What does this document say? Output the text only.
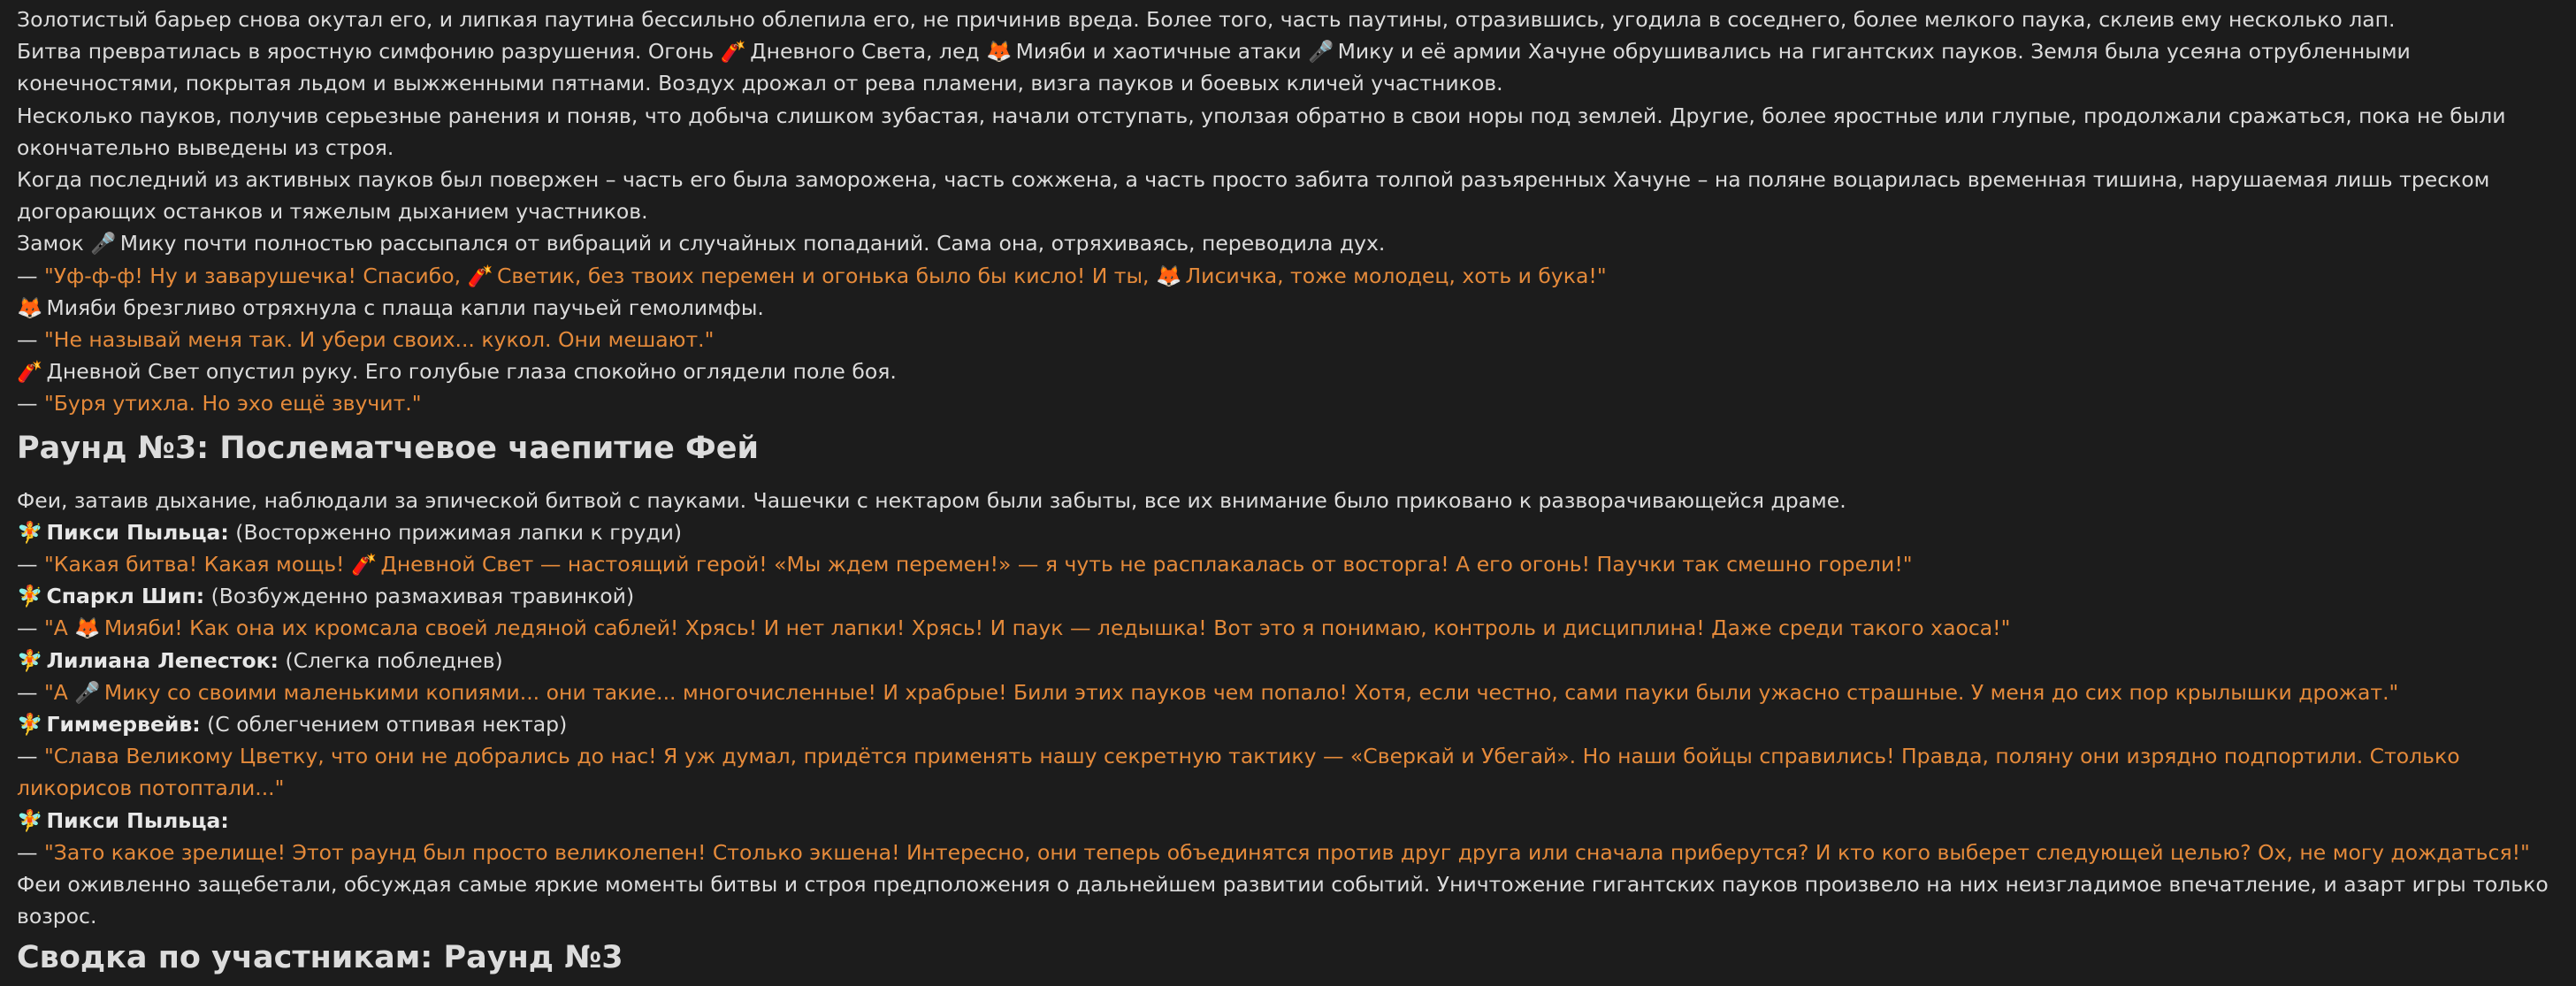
Золотистый барьер снова окутал его, и липкая паутина бессильно облепила его, не причинив вреда. Более того, часть паутины, отразившись, угодила в соседнего, более мелкого паука, склеив ему несколько лап.

Битва превратилась в яростную симфонию разрушения. Огонь 🧨 Дневного Света, лед 🦊 Мияби и хаотичные атаки 🎤 Мику и её армии Хачуне обрушивались на гигантских пауков. Земля была усеяна отрубленными конечностями, покрытая льдом и выжженными пятнами. Воздух дрожал от рева пламени, визга пауков и боевых кличей участников.

Несколько пауков, получив серьезные ранения и поняв, что добыча слишком зубастая, начали отступать, уползая обратно в свои норы под землей. Другие, более яростные или глупые, продолжали сражаться, пока не были окончательно выведены из строя.

Когда последний из активных пауков был повержен – часть его была заморожена, часть сожжена, а часть просто забита толпой разъяренных Хачуне – на поляне воцарилась временная тишина, нарушаемая лишь треском догорающих останков и тяжелым дыханием участников.

Замок 🎤 Мику почти полностью рассыпался от вибраций и случайных попаданий. Сама она, отряхиваясь, переводила дух.

— "Уф-ф-ф! Ну и заварушечка! Спасибо, 🧨 Светик, без твоих перемен и огонька было бы кисло! И ты, 🦊 Лисичка, тоже молодец, хоть и бука!"

🦊 Мияби брезгливо отряхнула с плаща капли паучьей гемолимфы.

— "Не называй меня так. И убери своих... кукол. Они мешают."

🧨 Дневной Свет опустил руку. Его голубые глаза спокойно оглядели поле боя.

— "Буря утихла. Но эхо ещё звучит."

Раунд №3: Послематчевое чаепитие Фей

Феи, затаив дыхание, наблюдали за эпической битвой с пауками. Чашечки с нектаром были забыты, все их внимание было приковано к разворачивающейся драме.

🧚 Пикси Пыльца: (Восторженно прижимая лапки к груди)

— "Какая битва! Какая мощь! 🧨 Дневной Свет — настоящий герой! «Мы ждем перемен!» — я чуть не расплакалась от восторга! А его огонь! Паучки так смешно горели!"

🧚 Спаркл Шип: (Возбужденно размахивая травинкой)

— "А 🦊 Мияби! Как она их кромсала своей ледяной саблей! Хрясь! И нет лапки! Хрясь! И паук — ледышка! Вот это я понимаю, контроль и дисциплина! Даже среди такого хаоса!"

🧚 Лилиана Лепесток: (Слегка побледнев)

— "А 🎤 Мику со своими маленькими копиями... они такие... многочисленные! И храбрые! Били этих пауков чем попало! Хотя, если честно, сами пауки были ужасно страшные. У меня до сих пор крылышки дрожат."

🧚 Гиммервейв: (С облегчением отпивая нектар)

— "Слава Великому Цветку, что они не добрались до нас! Я уж думал, придётся применять нашу секретную тактику — «Сверкай и Убегай». Но наши бойцы справились! Правда, поляну они изрядно подпортили. Столько ликорисов потоптали..."

🧚 Пикси Пыльца:

— "Зато какое зрелище! Этот раунд был просто великолепен! Столько экшена! Интересно, они теперь объединятся против друг друга или сначала приберутся? И кто кого выберет следующей целью? Ох, не могу дождаться!"

Феи оживленно защебетали, обсуждая самые яркие моменты битвы и строя предположения о дальнейшем развитии событий. Уничтожение гигантских пауков произвело на них неизгладимое впечатление, и азарт игры только возрос.

Сводка по участникам: Раунд №3
